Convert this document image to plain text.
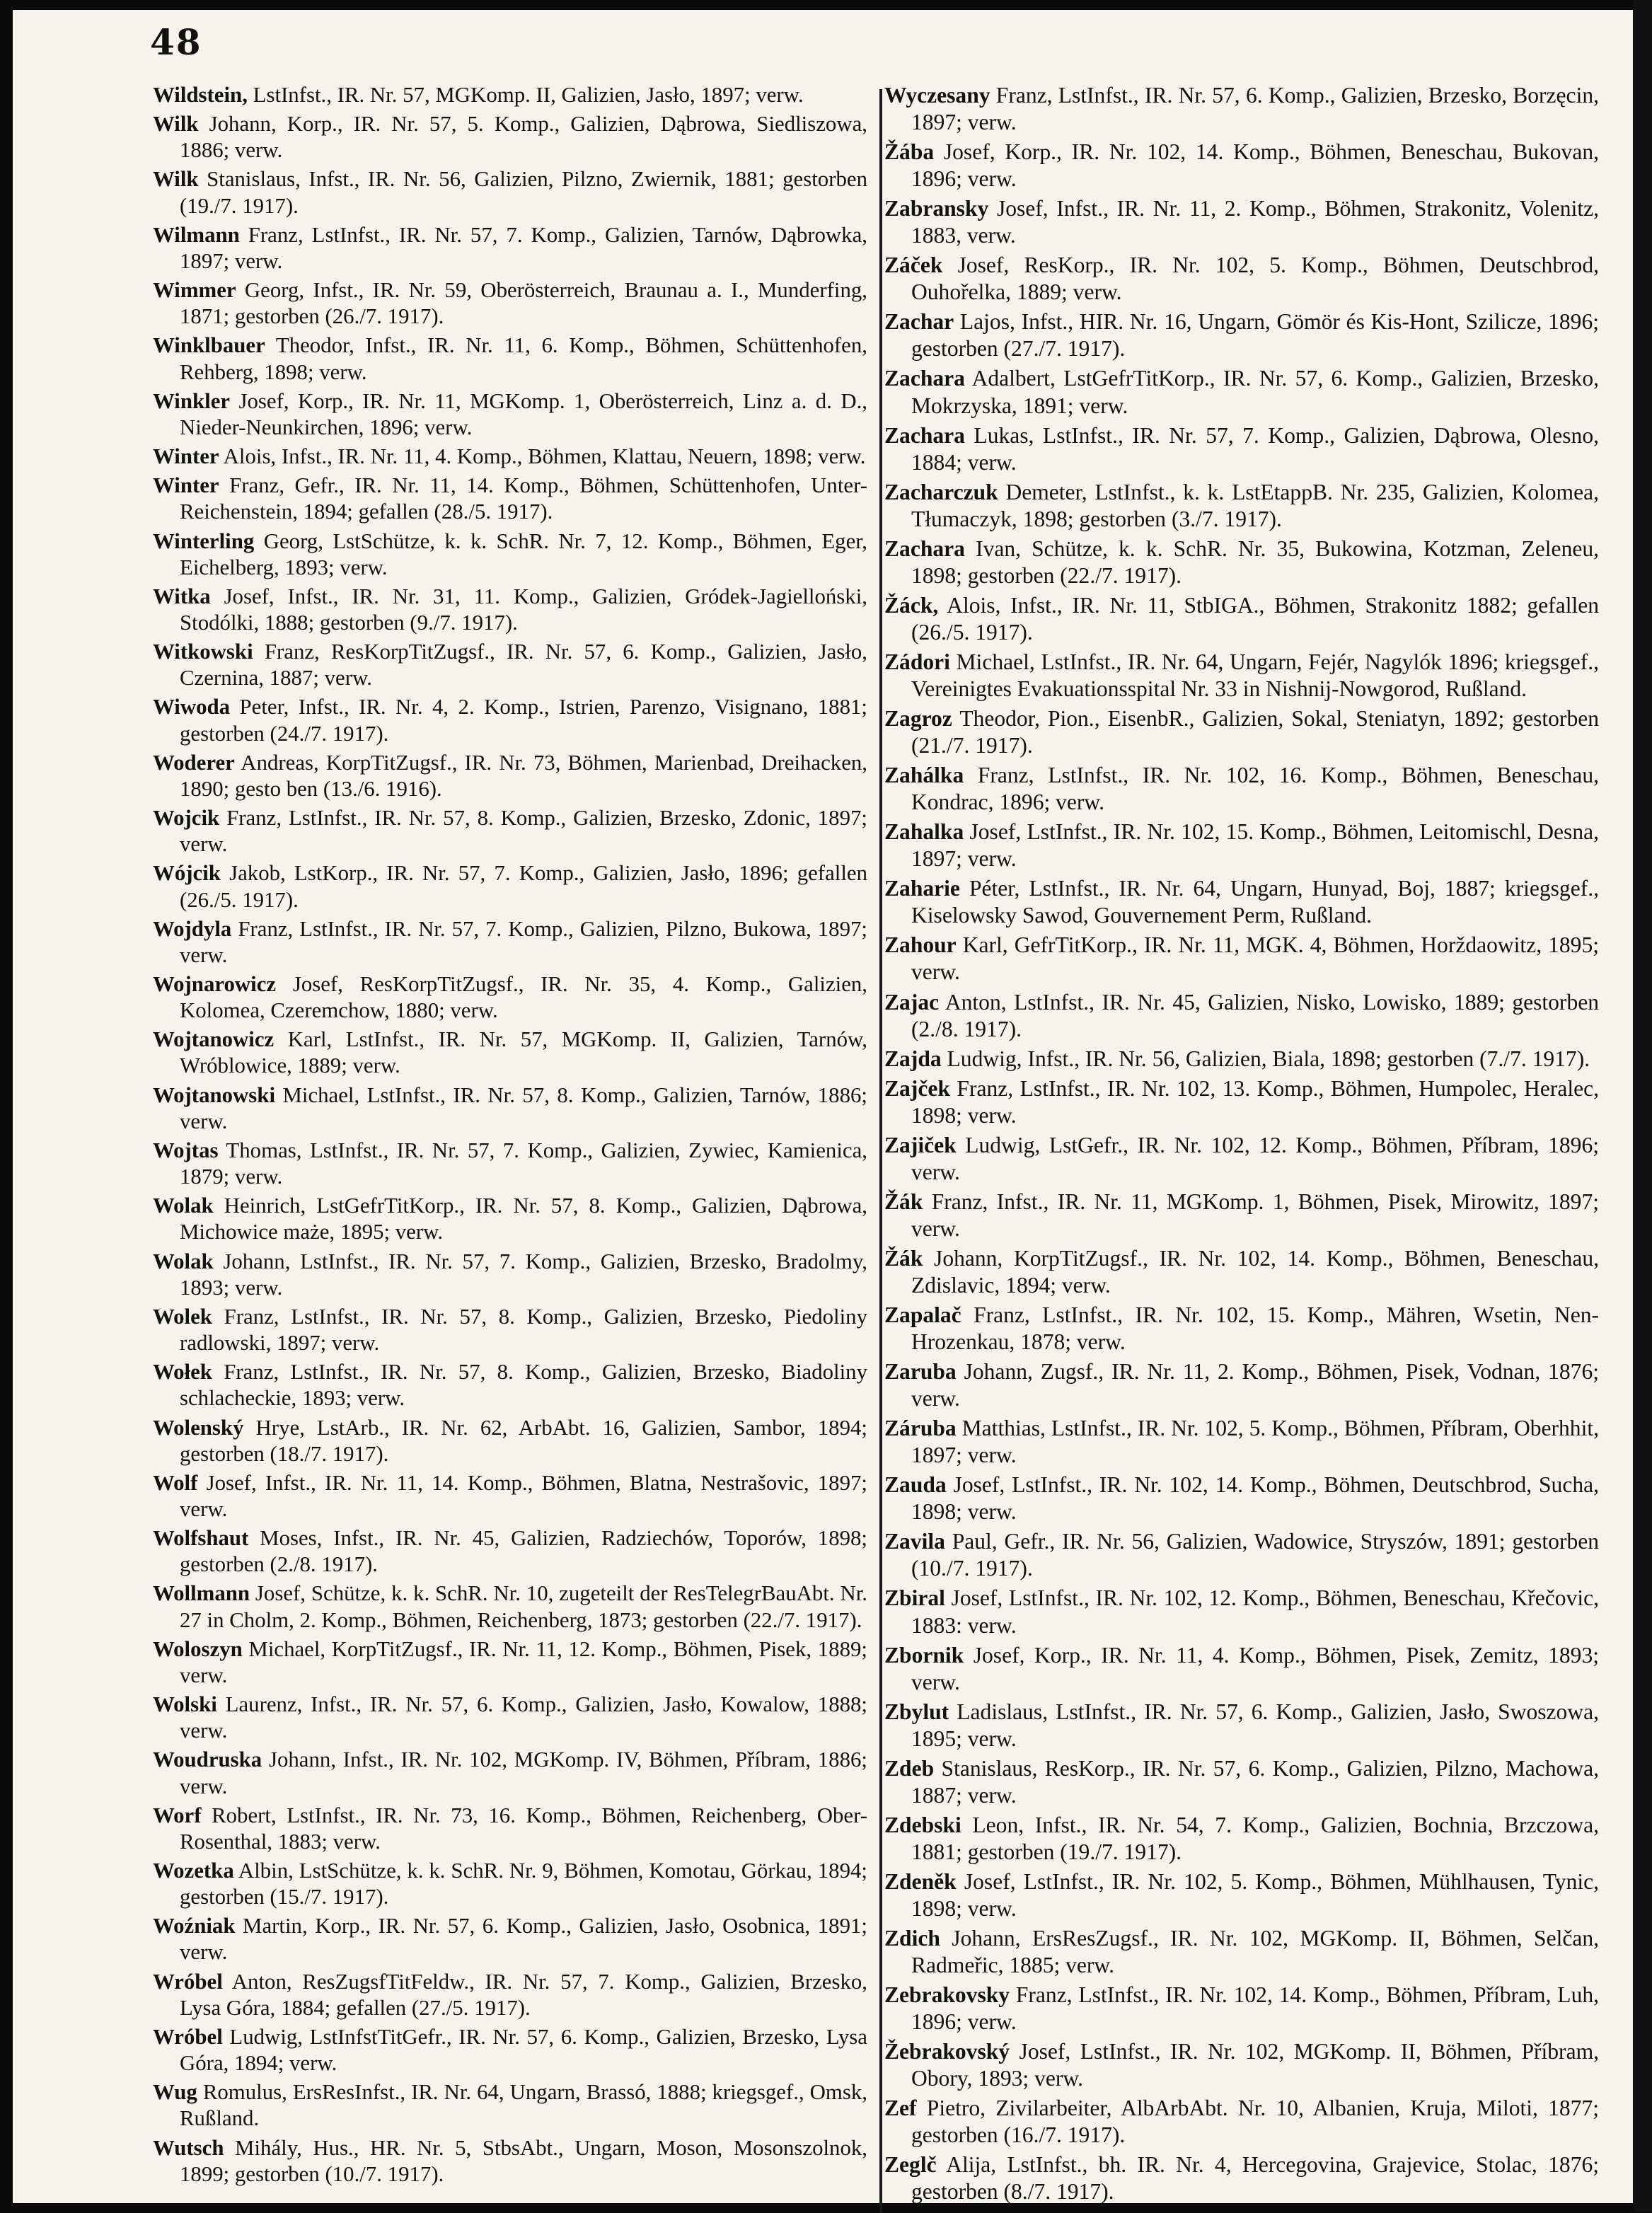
48

Wildstein, LstInfst., IR. Nr. 57, MGKomp. II, Galizien, Jasło, 1897; verw.

Wilk Johann, Korp., IR. Nr. 57, 5. Komp., Galizien, Dąbrowa, Siedliszowa, 1886; verw.

Wilk Stanislaus, Infst., IR. Nr. 56, Galizien, Pilzno, Zwiernik, 1881; gestorben (19./7. 1917).

Wilmann Franz, LstInfst., IR. Nr. 57, 7. Komp., Galizien, Tarnów, Dąbrowka, 1897; verw.

Wimmer Georg, Infst., IR. Nr. 59, Oberösterreich, Braunau a. I., Munderfing, 1871; gestorben (26./7. 1917).

Winklbauer Theodor, Infst., IR. Nr. 11, 6. Komp., Böhmen, Schüttenhofen, Rehberg, 1898; verw.

Winkler Josef, Korp., IR. Nr. 11, MGKomp. 1, Oberösterreich, Linz a. d. D., Nieder-Neunkirchen, 1896; verw.

Winter Alois, Infst., IR. Nr. 11, 4. Komp., Böhmen, Klattau, Neuern, 1898; verw.

Winter Franz, Gefr., IR. Nr. 11, 14. Komp., Böhmen, Schüttenhofen, Unter-Reichenstein, 1894; gefallen (28./5. 1917).

Winterling Georg, LstSchütze, k. k. SchR. Nr. 7, 12. Komp., Böhmen, Eger, Eichelberg, 1893; verw.

Witka Josef, Infst., IR. Nr. 31, 11. Komp., Galizien, Gródek-Jagielloński, Stodólki, 1888; gestorben (9./7. 1917).

Witkowski Franz, ResKorpTitZugsf., IR. Nr. 57, 6. Komp., Galizien, Jasło, Czernina, 1887; verw.

Wiwoda Peter, Infst., IR. Nr. 4, 2. Komp., Istrien, Parenzo, Visignano, 1881; gestorben (24./7. 1917).

Woderer Andreas, KorpTitZugsf., IR. Nr. 73, Böhmen, Marienbad, Dreihacken, 1890; gesto ben (13./6. 1916).

Wojcik Franz, LstInfst., IR. Nr. 57, 8. Komp., Galizien, Brzesko, Zdonic, 1897; verw.

Wójcik Jakob, LstKorp., IR. Nr. 57, 7. Komp., Galizien, Jasło, 1896; gefallen (26./5. 1917).

Wojdyla Franz, LstInfst., IR. Nr. 57, 7. Komp., Galizien, Pilzno, Bukowa, 1897; verw.

Wojnarowicz Josef, ResKorpTitZugsf., IR. Nr. 35, 4. Komp., Galizien, Kolomea, Czeremchow, 1880; verw.

Wojtanowicz Karl, LstInfst., IR. Nr. 57, MGKomp. II, Galizien, Tarnów, Wróblowice, 1889; verw.

Wojtanowski Michael, LstInfst., IR. Nr. 57, 8. Komp., Galizien, Tarnów, 1886; verw.

Wojtas Thomas, LstInfst., IR. Nr. 57, 7. Komp., Galizien, Zywiec, Kamienica, 1879; verw.

Wolak Heinrich, LstGefrTitKorp., IR. Nr. 57, 8. Komp., Galizien, Dąbrowa, Michowice maże, 1895; verw.

Wolak Johann, LstInfst., IR. Nr. 57, 7. Komp., Galizien, Brzesko, Bradolmy, 1893; verw.

Wolek Franz, LstInfst., IR. Nr. 57, 8. Komp., Galizien, Brzesko, Piedoliny radlowski, 1897; verw.

Wołek Franz, LstInfst., IR. Nr. 57, 8. Komp., Galizien, Brzesko, Biadoliny schlacheckie, 1893; verw.

Wolenský Hrye, LstArb., IR. Nr. 62, ArbAbt. 16, Galizien, Sambor, 1894; gestorben (18./7. 1917).

Wolf Josef, Infst., IR. Nr. 11, 14. Komp., Böhmen, Blatna, Nestrašovic, 1897; verw.

Wolfshaut Moses, Infst., IR. Nr. 45, Galizien, Radziechów, Toporów, 1898; gestorben (2./8. 1917).

Wollmann Josef, Schütze, k. k. SchR. Nr. 10, zugeteilt der ResTelegrBauAbt. Nr. 27 in Cholm, 2. Komp., Böhmen, Reichenberg, 1873; gestorben (22./7. 1917).

Woloszyn Michael, KorpTitZugsf., IR. Nr. 11, 12. Komp., Böhmen, Pisek, 1889; verw.

Wolski Laurenz, Infst., IR. Nr. 57, 6. Komp., Galizien, Jasło, Kowalow, 1888; verw.

Woudruska Johann, Infst., IR. Nr. 102, MGKomp. IV, Böhmen, Příbram, 1886; verw.

Worf Robert, LstInfst., IR. Nr. 73, 16. Komp., Böhmen, Reichenberg, Ober-Rosenthal, 1883; verw.

Wozetka Albin, LstSchütze, k. k. SchR. Nr. 9, Böhmen, Komotau, Görkau, 1894; gestorben (15./7. 1917).

Woźniak Martin, Korp., IR. Nr. 57, 6. Komp., Galizien, Jasło, Osobnica, 1891; verw.

Wróbel Anton, ResZugsfTitFeldw., IR. Nr. 57, 7. Komp., Galizien, Brzesko, Lysa Góra, 1884; gefallen (27./5. 1917).

Wróbel Ludwig, LstInfstTitGefr., IR. Nr. 57, 6. Komp., Galizien, Brzesko, Lysa Góra, 1894; verw.

Wug Romulus, ErsResInfst., IR. Nr. 64, Ungarn, Brassó, 1888; kriegsgef., Omsk, Rußland.

Wutsch Mihály, Hus., HR. Nr. 5, StbsAbt., Ungarn, Moson, Mosonszolnok, 1899; gestorben (10./7. 1917).

Wyczesany Franz, LstInfst., IR. Nr. 57, 6. Komp., Galizien, Brzesko, Borzęcin, 1897; verw.

Žába Josef, Korp., IR. Nr. 102, 14. Komp., Böhmen, Beneschau, Bukovan, 1896; verw.

Zabransky Josef, Infst., IR. Nr. 11, 2. Komp., Böhmen, Strakonitz, Volenitz, 1883, verw.

Záček Josef, ResKorp., IR. Nr. 102, 5. Komp., Böhmen, Deutschbrod, Ouhořelka, 1889; verw.

Zachar Lajos, Infst., HIR. Nr. 16, Ungarn, Gömör és Kis-Hont, Szilicze, 1896; gestorben (27./7. 1917).

Zachara Adalbert, LstGefrTitKorp., IR. Nr. 57, 6. Komp., Galizien, Brzesko, Mokrzyska, 1891; verw.

Zachara Lukas, LstInfst., IR. Nr. 57, 7. Komp., Galizien, Dąbrowa, Olesno, 1884; verw.

Zacharczuk Demeter, LstInfst., k. k. LstEtappB. Nr. 235, Galizien, Kolomea, Tłumaczyk, 1898; gestorben (3./7. 1917).

Zachara Ivan, Schütze, k. k. SchR. Nr. 35, Bukowina, Kotzman, Zeleneu, 1898; gestorben (22./7. 1917).

Žáck, Alois, Infst., IR. Nr. 11, StbIGA., Böhmen, Strakonitz 1882; gefallen (26./5. 1917).

Zádori Michael, LstInfst., IR. Nr. 64, Ungarn, Fejér, Nagylók 1896; kriegsgef., Vereinigtes Evakuationsspital Nr. 33 in Nishnij-Nowgorod, Rußland.

Zagroz Theodor, Pion., EisenbR., Galizien, Sokal, Steniatyn, 1892; gestorben (21./7. 1917).

Zahálka Franz, LstInfst., IR. Nr. 102, 16. Komp., Böhmen, Beneschau, Kondrac, 1896; verw.

Zahalka Josef, LstInfst., IR. Nr. 102, 15. Komp., Böhmen, Leitomischl, Desna, 1897; verw.

Zaharie Péter, LstInfst., IR. Nr. 64, Ungarn, Hunyad, Boj, 1887; kriegsgef., Kiselowsky Sawod, Gouvernement Perm, Rußland.

Zahour Karl, GefrTitKorp., IR. Nr. 11, MGK. 4, Böhmen, Horždaowitz, 1895; verw.

Zajac Anton, LstInfst., IR. Nr. 45, Galizien, Nisko, Lowisko, 1889; gestorben (2./8. 1917).

Zajda Ludwig, Infst., IR. Nr. 56, Galizien, Biala, 1898; gestorben (7./7. 1917).

Zajček Franz, LstInfst., IR. Nr. 102, 13. Komp., Böhmen, Humpolec, Heralec, 1898; verw.

Zajiček Ludwig, LstGefr., IR. Nr. 102, 12. Komp., Böhmen, Příbram, 1896; verw.

Žák Franz, Infst., IR. Nr. 11, MGKomp. 1, Böhmen, Pisek, Mirowitz, 1897; verw.

Žák Johann, KorpTitZugsf., IR. Nr. 102, 14. Komp., Böhmen, Beneschau, Zdislavic, 1894; verw.

Zapalač Franz, LstInfst., IR. Nr. 102, 15. Komp., Mähren, Wsetin, Nen-Hrozenkau, 1878; verw.

Zaruba Johann, Zugsf., IR. Nr. 11, 2. Komp., Böhmen, Pisek, Vodnan, 1876; verw.

Záruba Matthias, LstInfst., IR. Nr. 102, 5. Komp., Böhmen, Příbram, Oberhhit, 1897; verw.

Zauda Josef, LstInfst., IR. Nr. 102, 14. Komp., Böhmen, Deutschbrod, Sucha, 1898; verw.

Zavila Paul, Gefr., IR. Nr. 56, Galizien, Wadowice, Stryszów, 1891; gestorben (10./7. 1917).

Zbiral Josef, LstInfst., IR. Nr. 102, 12. Komp., Böhmen, Beneschau, Křečovic, 1883: verw.

Zbornik Josef, Korp., IR. Nr. 11, 4. Komp., Böhmen, Pisek, Zemitz, 1893; verw.

Zbylut Ladislaus, LstInfst., IR. Nr. 57, 6. Komp., Galizien, Jasło, Swoszowa, 1895; verw.

Zdeb Stanislaus, ResKorp., IR. Nr. 57, 6. Komp., Galizien, Pilzno, Machowa, 1887; verw.

Zdebski Leon, Infst., IR. Nr. 54, 7. Komp., Galizien, Bochnia, Brzczowa, 1881; gestorben (19./7. 1917).

Zdeněk Josef, LstInfst., IR. Nr. 102, 5. Komp., Böhmen, Mühlhausen, Tynic, 1898; verw.

Zdich Johann, ErsResZugsf., IR. Nr. 102, MGKomp. II, Böhmen, Selčan, Radmeřic, 1885; verw.

Zebrakovsky Franz, LstInfst., IR. Nr. 102, 14. Komp., Böhmen, Příbram, Luh, 1896; verw.

Žebrakovský Josef, LstInfst., IR. Nr. 102, MGKomp. II, Böhmen, Příbram, Obory, 1893; verw.

Zef Pietro, Zivilarbeiter, AlbArbAbt. Nr. 10, Albanien, Kruja, Miloti, 1877; gestorben (16./7. 1917).

Zeglč Alija, LstInfst., bh. IR. Nr. 4, Hercegovina, Grajevice, Stolac, 1876; gestorben (8./7. 1917).
